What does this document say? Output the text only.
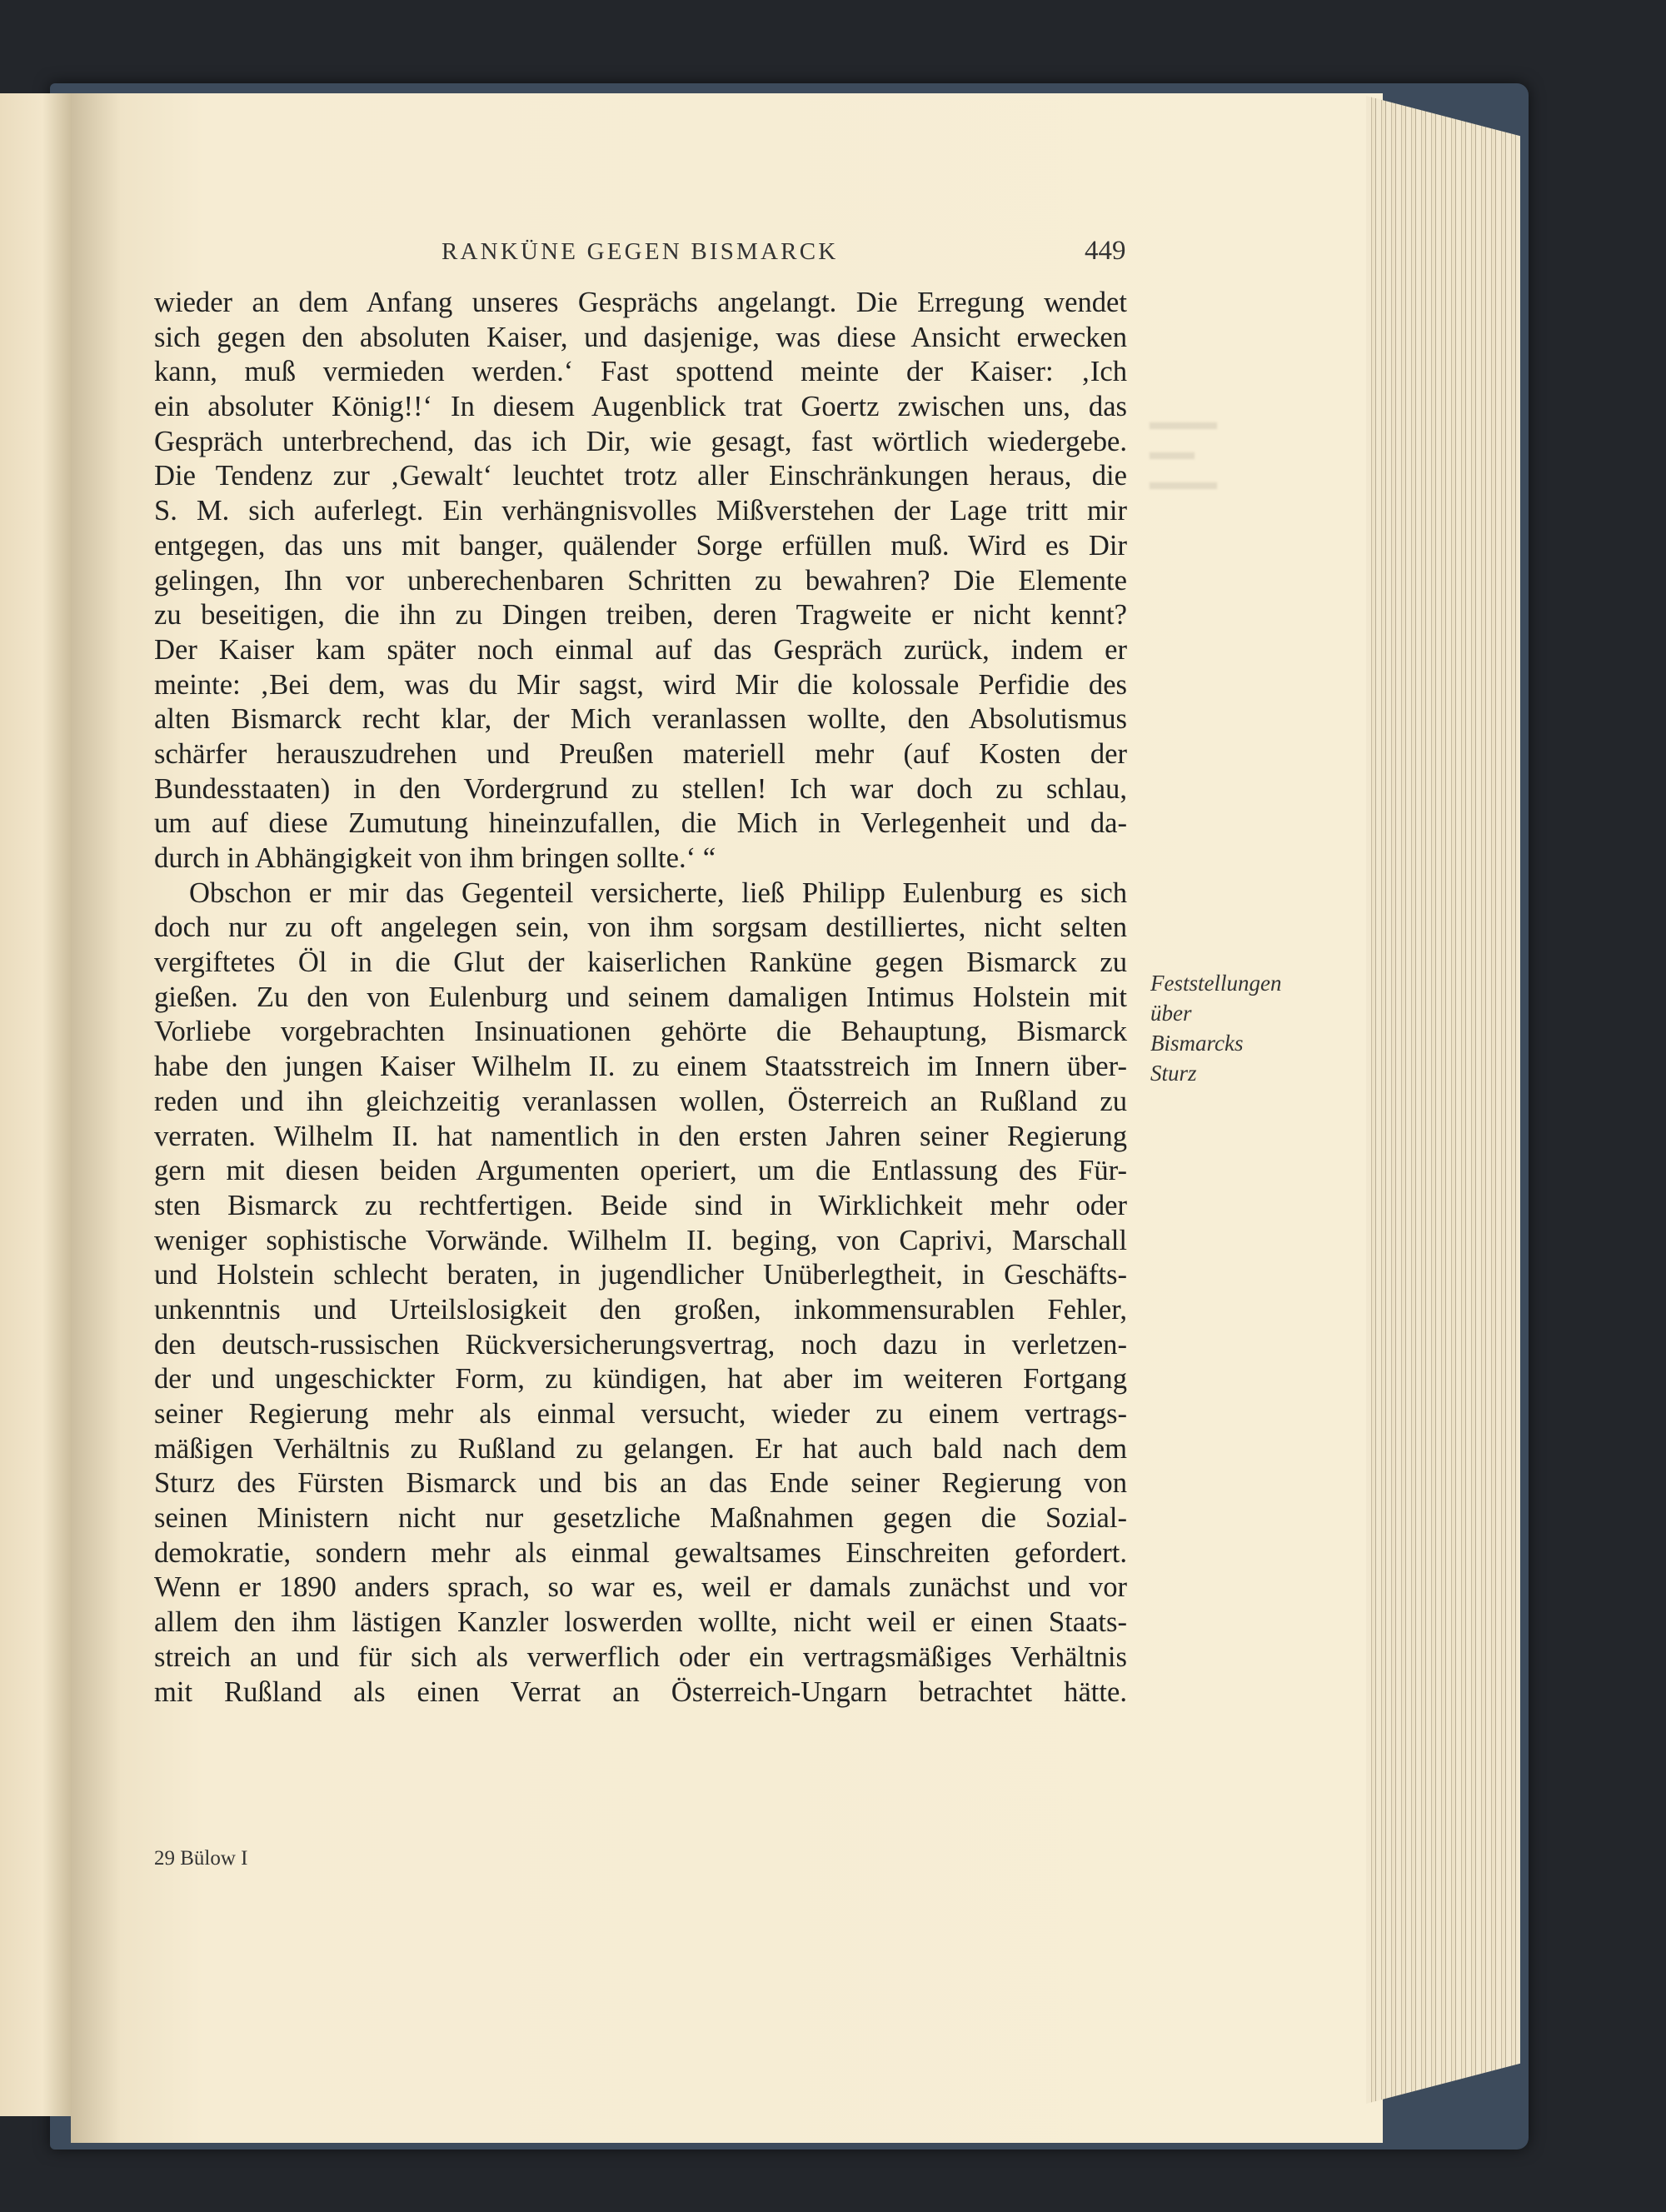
RANKÜNE GEGEN BISMARCK	449
▬▬▬
▬▬
▬▬▬
wieder an dem Anfang unseres Gesprächs angelangt. Die Erregung wendet
sich gegen den absoluten Kaiser, und dasjenige, was diese Ansicht erwecken
kann, muß vermieden werden.‘ Fast spottend meinte der Kaiser: ‚Ich
ein absoluter König!!‘ In diesem Augenblick trat Goertz zwischen uns, das
Gespräch unterbrechend, das ich Dir, wie gesagt, fast wörtlich wiedergebe.
Die Tendenz zur ‚Gewalt‘ leuchtet trotz aller Einschränkungen heraus, die
S. M. sich auferlegt. Ein verhängnisvolles Mißverstehen der Lage tritt mir
entgegen, das uns mit banger, quälender Sorge erfüllen muß. Wird es Dir
gelingen, Ihn vor unberechenbaren Schritten zu bewahren? Die Elemente
zu beseitigen, die ihn zu Dingen treiben, deren Tragweite er nicht kennt?
Der Kaiser kam später noch einmal auf das Gespräch zurück, indem er
meinte: ‚Bei dem, was du Mir sagst, wird Mir die kolossale Perfidie des
alten Bismarck recht klar, der Mich veranlassen wollte, den Absolutismus
schärfer herauszudrehen und Preußen materiell mehr (auf Kosten der
Bundesstaaten) in den Vordergrund zu stellen! Ich war doch zu schlau,
um auf diese Zumutung hineinzufallen, die Mich in Verlegenheit und da-
durch in Abhängigkeit von ihm bringen sollte.‘ “
Obschon er mir das Gegenteil versicherte, ließ Philipp Eulenburg es sich
doch nur zu oft angelegen sein, von ihm sorgsam destilliertes, nicht selten
vergiftetes Öl in die Glut der kaiserlichen Ranküne gegen Bismarck zu
gießen. Zu den von Eulenburg und seinem damaligen Intimus Holstein mit
Vorliebe vorgebrachten Insinuationen gehörte die Behauptung, Bismarck
habe den jungen Kaiser Wilhelm II. zu einem Staatsstreich im Innern über-
reden und ihn gleichzeitig veranlassen wollen, Österreich an Rußland zu
verraten. Wilhelm II. hat namentlich in den ersten Jahren seiner Regierung
gern mit diesen beiden Argumenten operiert, um die Entlassung des Für-
sten Bismarck zu rechtfertigen. Beide sind in Wirklichkeit mehr oder
weniger sophistische Vorwände. Wilhelm II. beging, von Caprivi, Marschall
und Holstein schlecht beraten, in jugendlicher Unüberlegtheit, in Geschäfts-
unkenntnis und Urteilslosigkeit den großen, inkommensurablen Fehler,
den deutsch-russischen Rückversicherungsvertrag, noch dazu in verletzen-
der und ungeschickter Form, zu kündigen, hat aber im weiteren Fortgang
seiner Regierung mehr als einmal versucht, wieder zu einem vertrags-
mäßigen Verhältnis zu Rußland zu gelangen. Er hat auch bald nach dem
Sturz des Fürsten Bismarck und bis an das Ende seiner Regierung von
seinen Ministern nicht nur gesetzliche Maßnahmen gegen die Sozial-
demokratie, sondern mehr als einmal gewaltsames Einschreiten gefordert.
Wenn er 1890 anders sprach, so war es, weil er damals zunächst und vor
allem den ihm lästigen Kanzler loswerden wollte, nicht weil er einen Staats-
streich an und für sich als verwerflich oder ein vertragsmäßiges Verhältnis
mit Rußland als einen Verrat an Österreich-Ungarn betrachtet hätte.
Feststellungen
über
Bismarcks
Sturz
29 Bülow I
